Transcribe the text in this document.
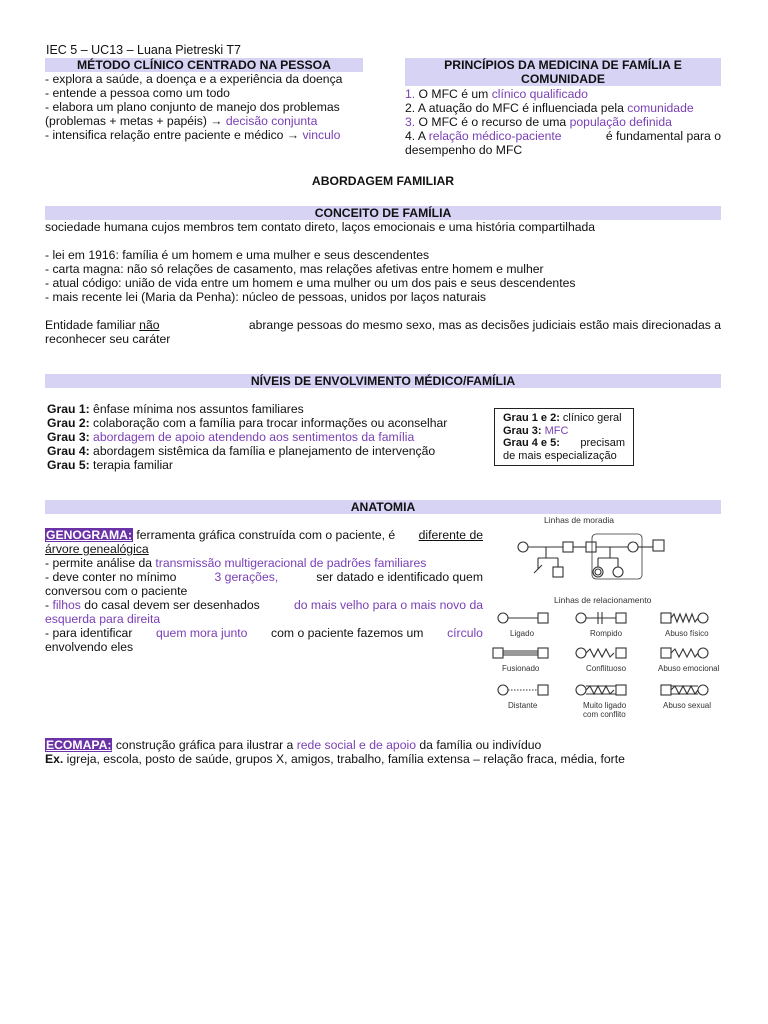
IEC 5 – UC13 – Luana Pietreski T7
MÉTODO CLÍNICO CENTRADO NA PESSOA
- explora a saúde, a doença e a experiência da doença
- entende a pessoa como um todo
- elabora um plano conjunto de manejo dos problemas
(problemas + metas + papéis) → decisão conjunta
- intensifica relação entre paciente e médico → vinculo
PRINCÍPIOS DA MEDICINA DE FAMÍLIA E
COMUNIDADE
1. O MFC é um clínico qualificado
2. A atuação do MFC é influenciada pela comunidade
3. O MFC é o recurso de uma população definida
4. A relação médico-paciente	é fundamental para o
desempenho do MFC
ABORDAGEM FAMILIAR
CONCEITO DE FAMÍLIA
sociedade humana cujos membros tem contato direto, laços emocionais e uma história compartilhada
- lei em 1916: família é um homem e uma mulher e seus descendentes
- carta magna: não só relações de casamento, mas relações afetivas entre homem e mulher
- atual código: união de vida entre um homem e uma mulher ou um dos pais e seus descendentes
- mais recente lei (Maria da Penha): núcleo de pessoas, unidos por laços naturais
Entidade familiar não	abrange pessoas do mesmo sexo, mas as decisões judiciais estão mais direcionadas a
reconhecer seu caráter
NÍVEIS DE ENVOLVIMENTO MÉDICO/FAMÍLIA
Grau 1: ênfase mínima nos assuntos familiares
Grau 2: colaboração com a família para trocar informações ou aconselhar
Grau 3: abordagem de apoio atendendo aos sentimentos da família
Grau 4: abordagem sistêmica da família e planejamento de intervenção
Grau 5: terapia familiar
Grau 1 e 2: clínico geral
Grau 3: MFC
Grau 4 e 5: precisam
de mais especialização
ANATOMIA
GENOGRAMA: ferramenta gráfica construída com o paciente, é diferente de
árvore genealógica
- permite análise da transmissão multigeracional de padrões familiares
- deve conter no mínimo	3 gerações,	ser datado e identificado quem
conversou com o paciente
- filhos do casal devem ser desenhados	do mais velho para o mais novo da
esquerda para direita
- para identificar quem mora junto com o paciente fazemos um círculo
envolvendo eles
Linhas de moradia
Linhas de relacionamento
Ligado	Rompido	Abuso físico
Fusionado	Conflituoso	Abuso emocional
Distante	Muito ligado
com conflito
Abuso sexual
ECOMAPA: construção gráfica para ilustrar a rede social e de apoio da família ou indivíduo
Ex. igreja, escola, posto de saúde, grupos X, amigos, trabalho, família extensa – relação fraca, média, forte
